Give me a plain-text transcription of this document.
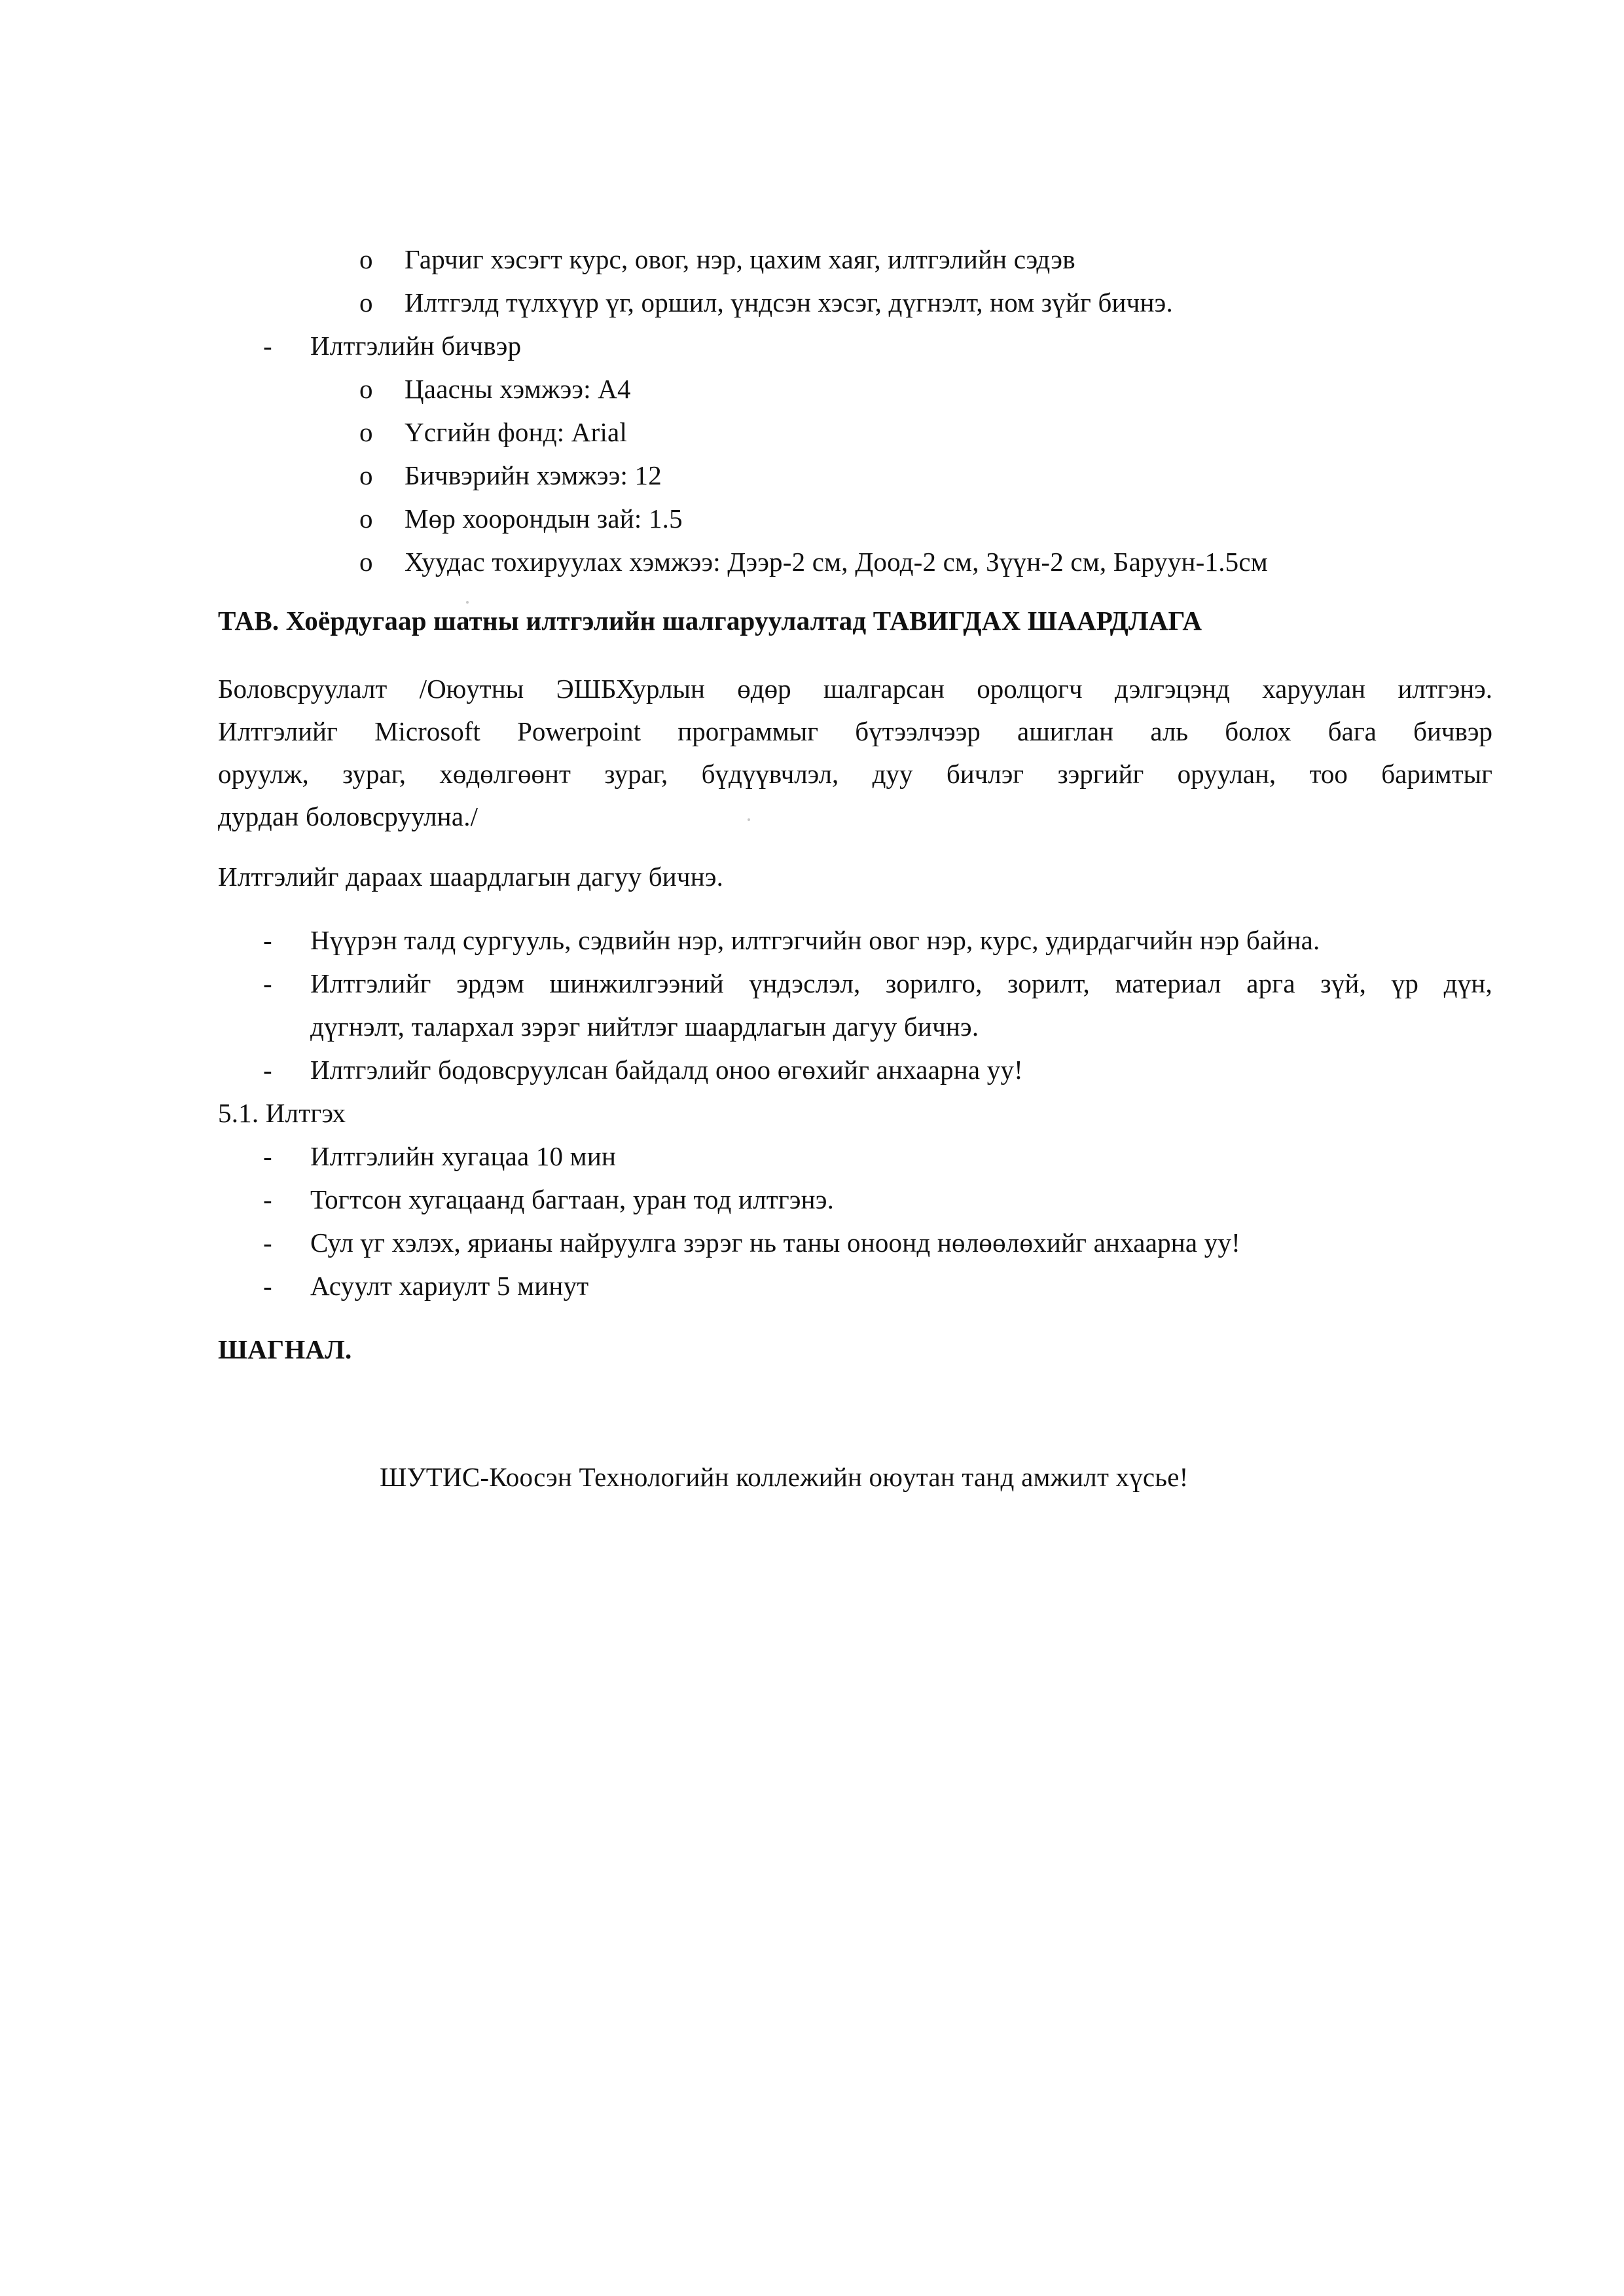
o Гарчиг хэсэгт курс, овог, нэр, цахим хаяг, илтгэлийн сэдэв
o Илтгэлд түлхүүр үг, оршил, үндсэн хэсэг, дүгнэлт, ном зүйг бичнэ.
- Илтгэлийн бичвэр
o Цаасны хэмжээ: А4
o Үсгийн фонд: Arial
o Бичвэрийн хэмжээ: 12
o Мөр хоорондын зай: 1.5
o Хуудас тохируулах хэмжээ: Дээр-2 см, Доод-2 см, Зүүн-2 см, Баруун-1.5см
ТАВ. Хоёрдугаар шатны илтгэлийн шалгаруулалтад ТАВИГДАХ ШААРДЛАГА
Боловсруулалт /Оюутны ЭШБХурлын өдөр шалгарсан оролцогч дэлгэцэнд харуулан илтгэнэ.
Илтгэлийг Microsoft Powerpoint программыг бүтээлчээр ашиглан аль болох бага бичвэр
оруулж, зураг, хөдөлгөөнт зураг, бүдүүвчлэл, дуу бичлэг зэргийг оруулан, тоо баримтыг
дурдан боловсруулна./
Илтгэлийг дараах шаардлагын дагуу бичнэ.
- Нүүрэн талд сургууль, сэдвийн нэр, илтгэгчийн овог нэр, курс, удирдагчийн нэр байна.
- Илтгэлийг эрдэм шинжилгээний үндэслэл, зорилго, зорилт, материал арга зүй, үр дүн,
дүгнэлт, талархал зэрэг нийтлэг шаардлагын дагуу бичнэ.
- Илтгэлийг бодовсруулсан байдалд оноо өгөхийг анхаарна уу!
5.1. Илтгэх
- Илтгэлийн хугацаа 10 мин
- Тогтсон хугацаанд багтаан, уран тод илтгэнэ.
- Сул үг хэлэх, ярианы найруулга зэрэг нь таны оноонд нөлөөлөхийг анхаарна уу!
- Асуулт хариулт 5 минут
ШАГНАЛ.
ШУТИС-Коосэн Технологийн коллежийн оюутан танд амжилт хүсье!
